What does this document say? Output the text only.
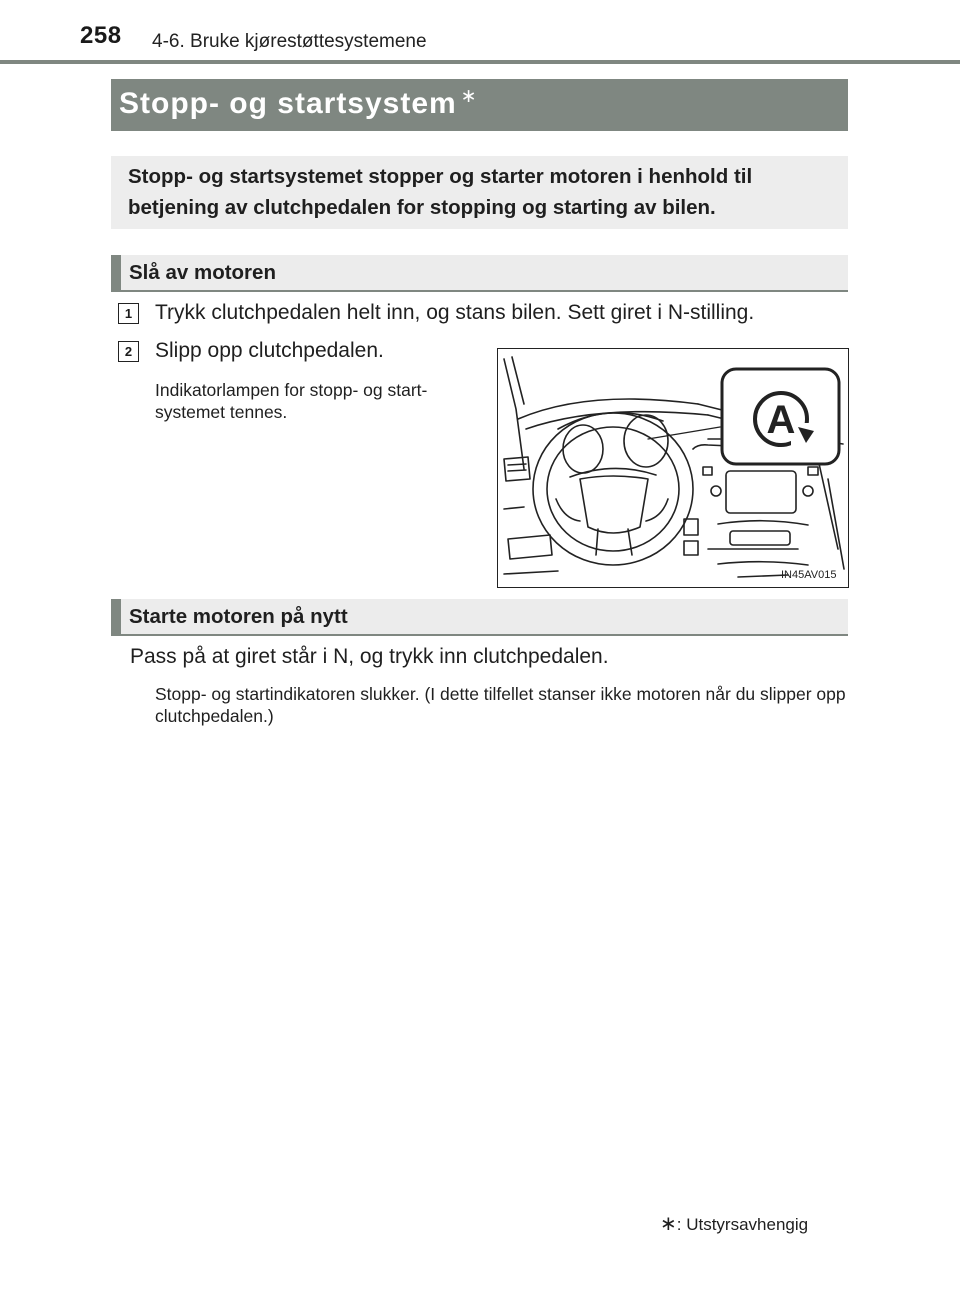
258 4-6. Bruke kjørestøttesystemene
Stopp- og startsystem ∗
Stopp- og startsystemet stopper og starter motoren i henhold til betjening av clutchpedalen for stopping og starting av bilen.
Slå av motoren
1	Trykk clutchpedalen helt inn, og stans bilen. Sett giret i N-stilling.
2	Slipp opp clutchpedalen.
Indikatorlampen for stopp- og start-systemet tennes.	A
IN45AV015
Starte motoren på nytt
Pass på at giret står i N, og trykk inn clutchpedalen.
Stopp- og startindikatoren slukker. (I dette tilfellet stanser ikke motoren når du slipper opp clutchpedalen.)
∗: Utstyrsavhengig
